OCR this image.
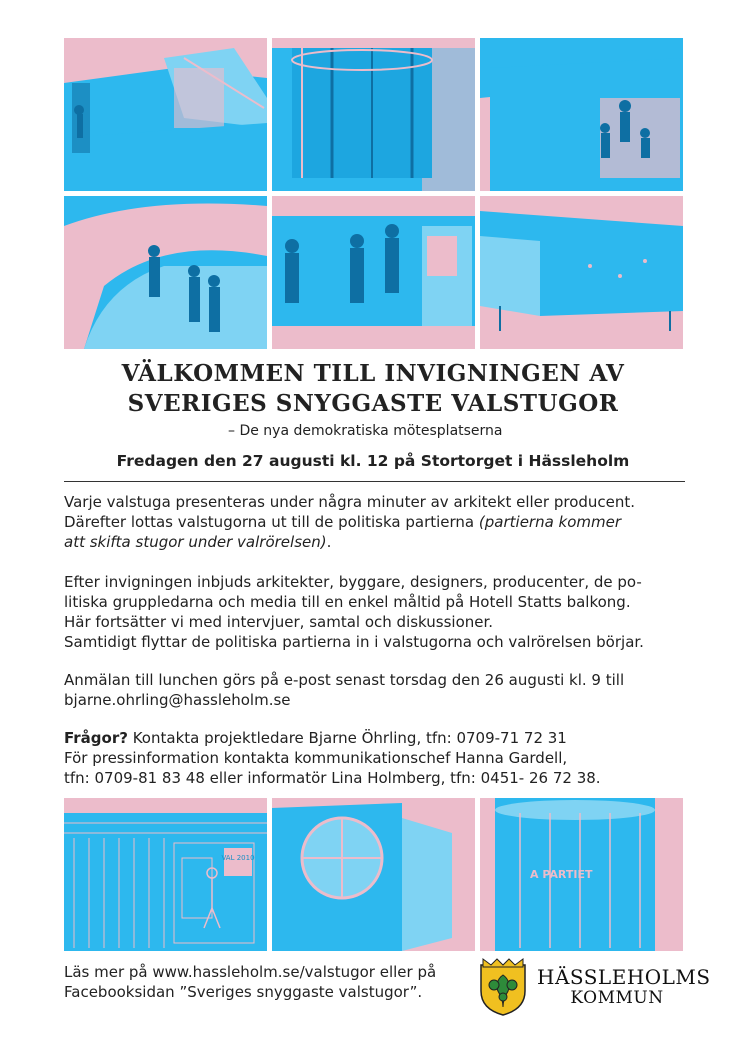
VÄLKOMMEN TILL INVIGNINGEN AV
SVERIGES SNYGGASTE VALSTUGOR
– De nya demokratiska mötesplatserna
Fredagen den 27 augusti kl. 12 på Stortorget i Hässleholm

Varje valstuga presenteras under några minuter av arkitekt eller producent.
Därefter lottas valstugorna ut till de politiska partierna (partierna kommer
att skifta stugor under valrörelsen).

Efter invigningen inbjuds arkitekter, byggare, designers, producenter, de po-
litiska gruppledarna och media till en enkel måltid på Hotell Statts balkong.
Här fortsätter vi med intervjuer, samtal och diskussioner.
Samtidigt flyttar de politiska partierna in i valstugorna och valrörelsen börjar.

Anmälan till lunchen görs på e-post senast torsdag den 26 augusti kl. 9 till
bjarne.ohrling@hassleholm.se

Frågor? Kontakta projektledare Bjarne Öhrling, tfn: 0709-71 72 31
För pressinformation kontakta kommunikationschef Hanna Gardell,
tfn: 0709-81 83 48 eller informatör Lina Holmberg, tfn: 0451- 26 72 38.

VAL 2010
A PARTIET
Läs mer på www.hassleholm.se/valstugor eller på
Facebooksidan ”Sveriges snyggaste valstugor”.
HÄSSLEHOLMS
KOMMUN
